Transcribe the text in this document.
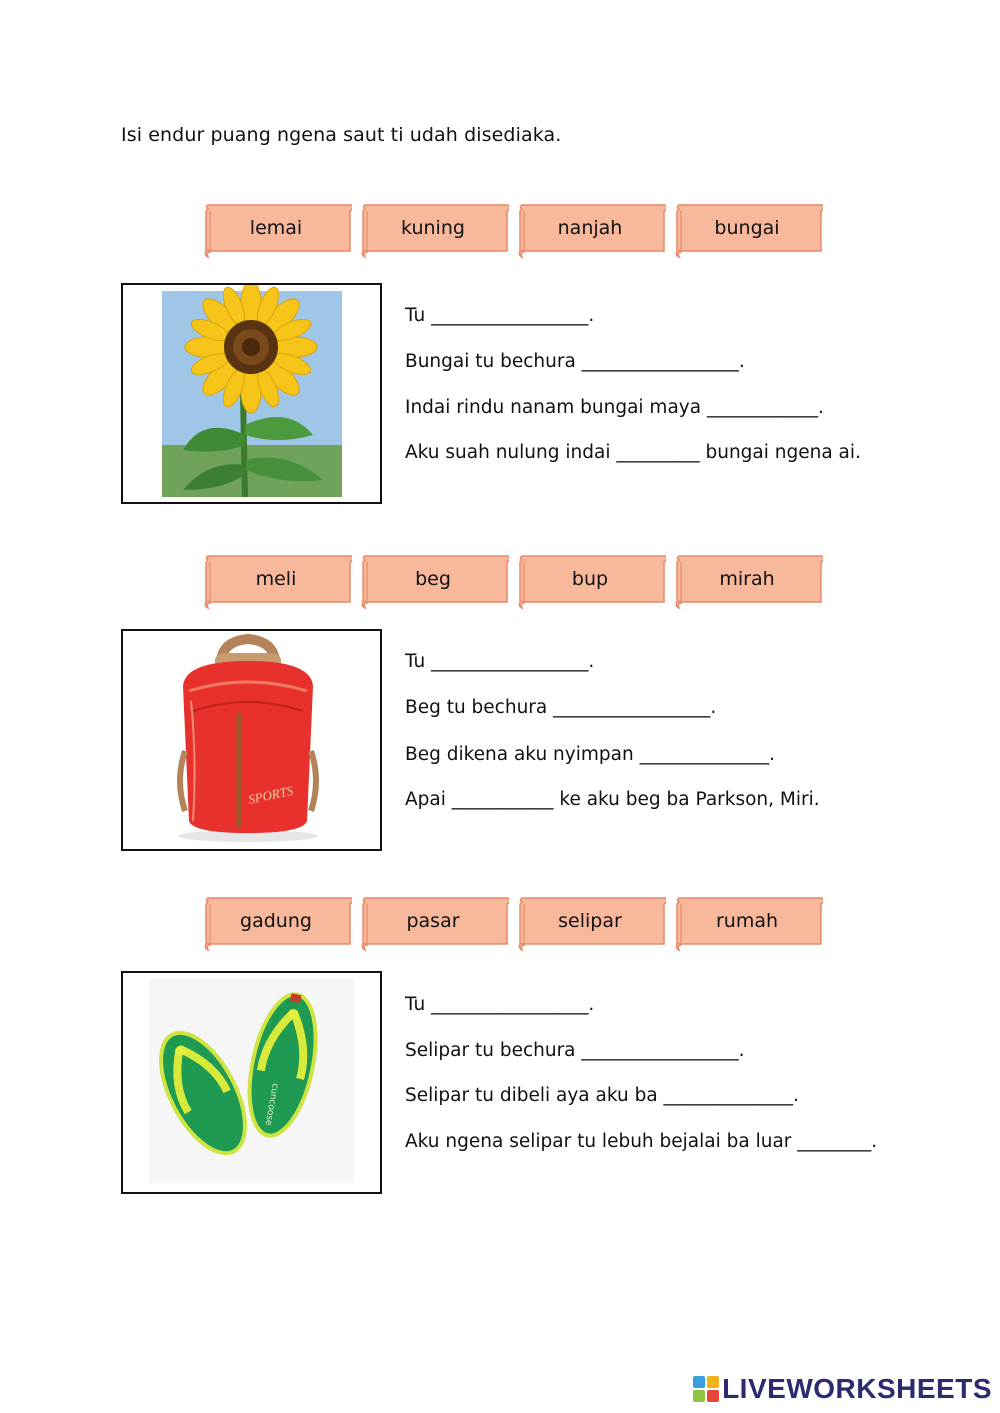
Isi endur puang ngena saut ti udah disediaka.
lemai	kuning	nanjah	bungai
Tu _________________.
Bungai tu bechura _________________.
Indai rindu nanam bungai maya ____________.
Aku suah nulung indai _________ bungai ngena ai.
meli	beg	bup	mirah
SPORTS
Tu _________________.
Beg tu bechura _________________.
Beg dikena aku nyimpan ______________.
Apai ___________ ke aku beg ba Parkson, Miri.
gadung	pasar	selipar	rumah
cuncoose
Tu _________________.
Selipar tu bechura _________________.
Selipar tu dibeli aya aku ba ______________.
Aku ngena selipar tu lebuh bejalai ba luar ________.
LIVEWORKSHEETS
